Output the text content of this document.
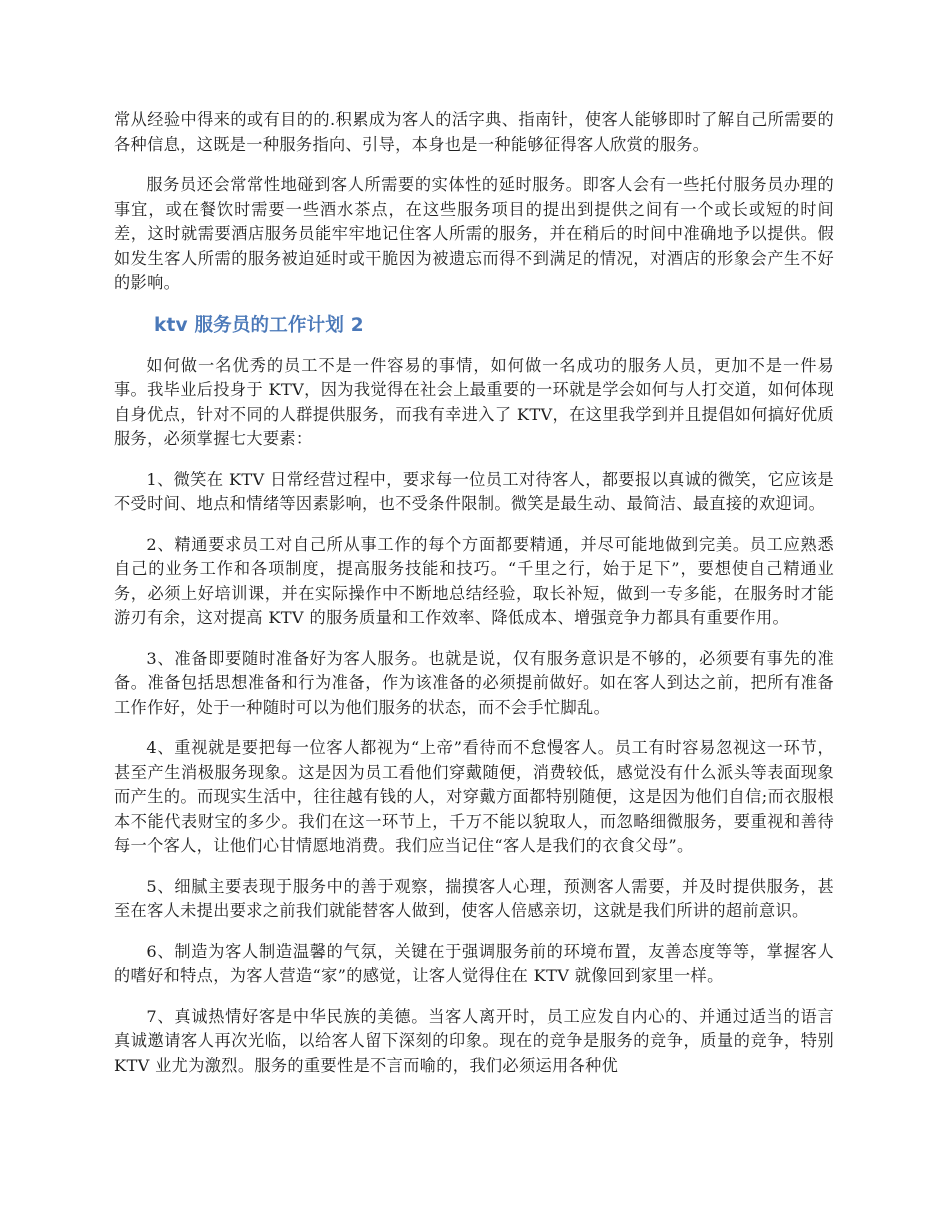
常从经验中得来的或有目的的.积累成为客人的活字典、指南针，使客人能够即时了解自己所需要的各种信息，这既是一种服务指向、引导，本身也是一种能够征得客人欣赏的服务。

服务员还会常常性地碰到客人所需要的实体性的延时服务。即客人会有一些托付服务员办理的事宜，或在餐饮时需要一些酒水茶点，在这些服务项目的提出到提供之间有一个或长或短的时间差，这时就需要酒店服务员能牢牢地记住客人所需的服务，并在稍后的时间中准确地予以提供。假如发生客人所需的服务被迫延时或干脆因为被遗忘而得不到满足的情况，对酒店的形象会产生不好的影响。

ktv 服务员的工作计划 2

如何做一名优秀的员工不是一件容易的事情，如何做一名成功的服务人员，更加不是一件易事。我毕业后投身于 KTV，因为我觉得在社会上最重要的一环就是学会如何与人打交道，如何体现自身优点，针对不同的人群提供服务，而我有幸进入了 KTV，在这里我学到并且提倡如何搞好优质服务，必须掌握七大要素：

1、微笑在 KTV 日常经营过程中，要求每一位员工对待客人，都要报以真诚的微笑，它应该是不受时间、地点和情绪等因素影响，也不受条件限制。微笑是最生动、最简洁、最直接的欢迎词。

2、精通要求员工对自己所从事工作的每个方面都要精通，并尽可能地做到完美。员工应熟悉自己的业务工作和各项制度，提高服务技能和技巧。“千里之行，始于足下”，要想使自己精通业务，必须上好培训课，并在实际操作中不断地总结经验，取长补短，做到一专多能，在服务时才能游刃有余，这对提高 KTV 的服务质量和工作效率、降低成本、增强竞争力都具有重要作用。

3、准备即要随时准备好为客人服务。也就是说，仅有服务意识是不够的，必须要有事先的准备。准备包括思想准备和行为准备，作为该准备的必须提前做好。如在客人到达之前，把所有准备工作作好，处于一种随时可以为他们服务的状态，而不会手忙脚乱。

4、重视就是要把每一位客人都视为“上帝”看待而不怠慢客人。员工有时容易忽视这一环节，甚至产生消极服务现象。这是因为员工看他们穿戴随便，消费较低，感觉没有什么派头等表面现象而产生的。而现实生活中，往往越有钱的人，对穿戴方面都特别随便，这是因为他们自信;而衣服根本不能代表财宝的多少。我们在这一环节上，千万不能以貌取人，而忽略细微服务，要重视和善待每一个客人，让他们心甘情愿地消费。我们应当记住“客人是我们的衣食父母”。

5、细腻主要表现于服务中的善于观察，揣摸客人心理，预测客人需要，并及时提供服务，甚至在客人未提出要求之前我们就能替客人做到，使客人倍感亲切，这就是我们所讲的超前意识。

6、制造为客人制造温馨的气氛，关键在于强调服务前的环境布置，友善态度等等，掌握客人的嗜好和特点，为客人营造“家”的感觉，让客人觉得住在 KTV 就像回到家里一样。

7、真诚热情好客是中华民族的美德。当客人离开时，员工应发自内心的、并通过适当的语言真诚邀请客人再次光临，以给客人留下深刻的印象。现在的竞争是服务的竞争，质量的竞争，特别 KTV 业尤为激烈。服务的重要性是不言而喻的，我们必须运用各种优
